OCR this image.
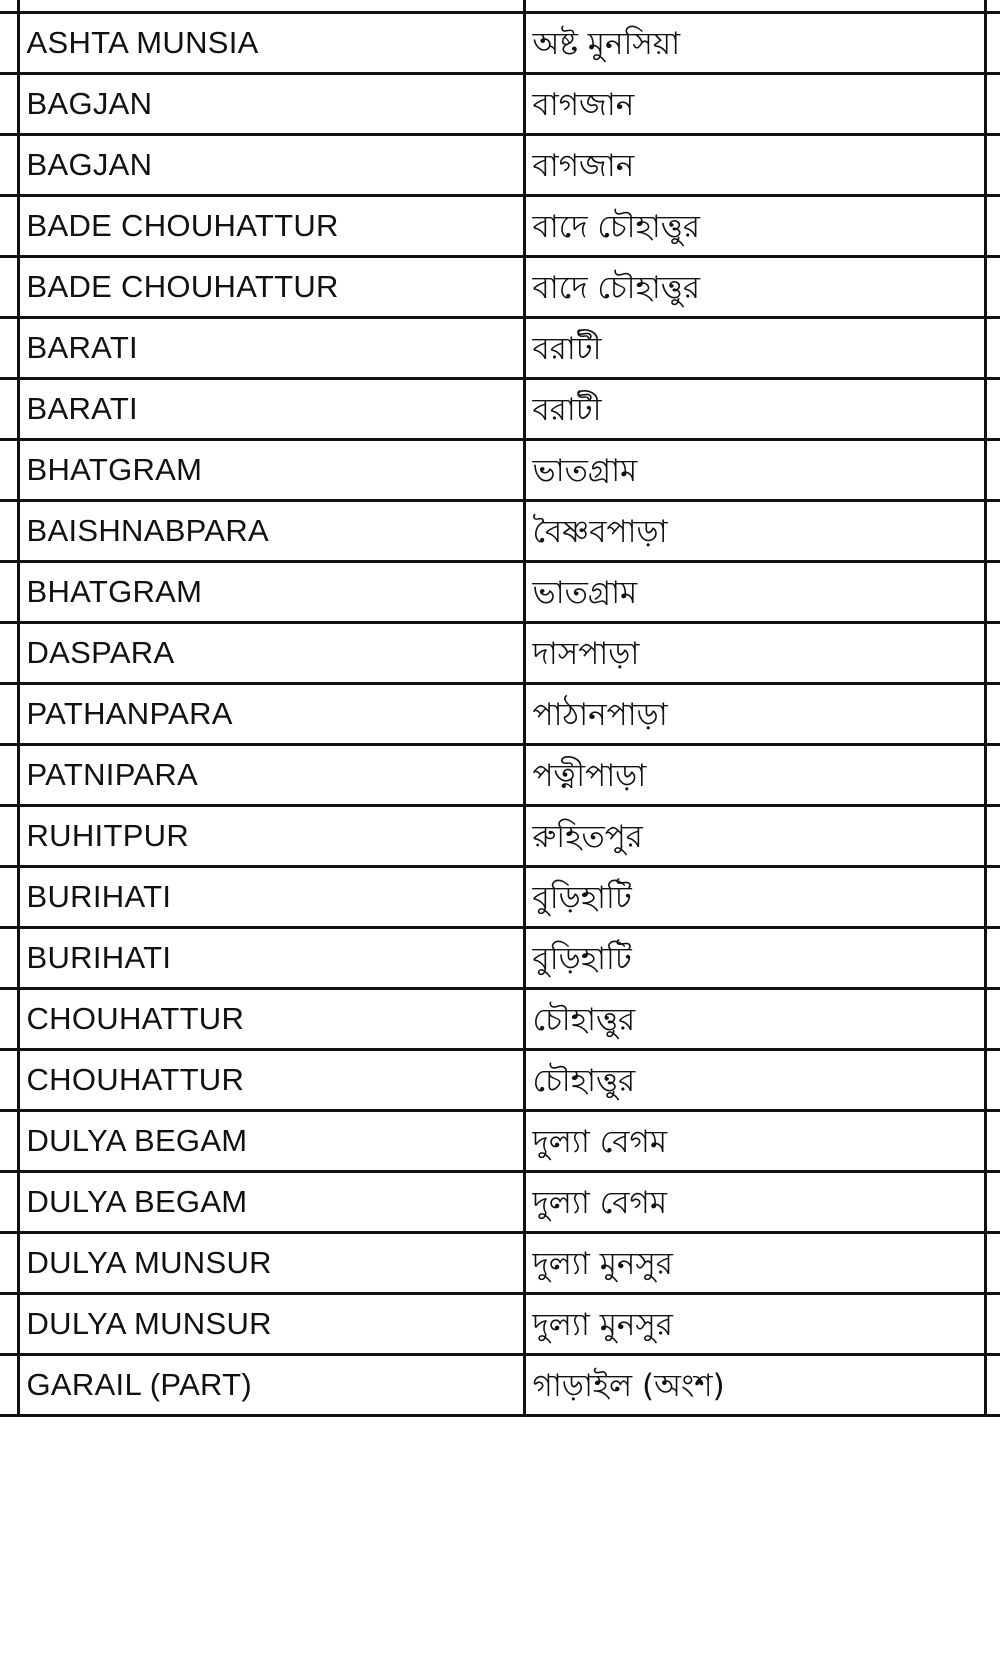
	ASHTA MUNSIA	অষ্ট মুনসিয়া	
	BAGJAN	বাগজান	
	BAGJAN	বাগজান	
	BADE CHOUHATTUR	বাদে চৌহাত্তুর	
	BADE CHOUHATTUR	বাদে চৌহাত্তুর	
	BARATI	বরাটী	
	BARATI	বরাটী	
	BHATGRAM	ভাতগ্রাম	
	BAISHNABPARA	বৈষ্ণবপাড়া	
	BHATGRAM	ভাতগ্রাম	
	DASPARA	দাসপাড়া	
	PATHANPARA	পাঠানপাড়া	
	PATNIPARA	পত্নীপাড়া	
	RUHITPUR	রুহিতপুর	
	BURIHATI	বুড়িহাটি	
	BURIHATI	বুড়িহাটি	
	CHOUHATTUR	চৌহাত্তুর	
	CHOUHATTUR	চৌহাত্তুর	
	DULYA BEGAM	দুল্যা বেগম	
	DULYA BEGAM	দুল্যা বেগম	
	DULYA MUNSUR	দুল্যা মুনসুর	
	DULYA MUNSUR	দুল্যা মুনসুর	
	GARAIL (PART)	গাড়াইল (অংশ)	
